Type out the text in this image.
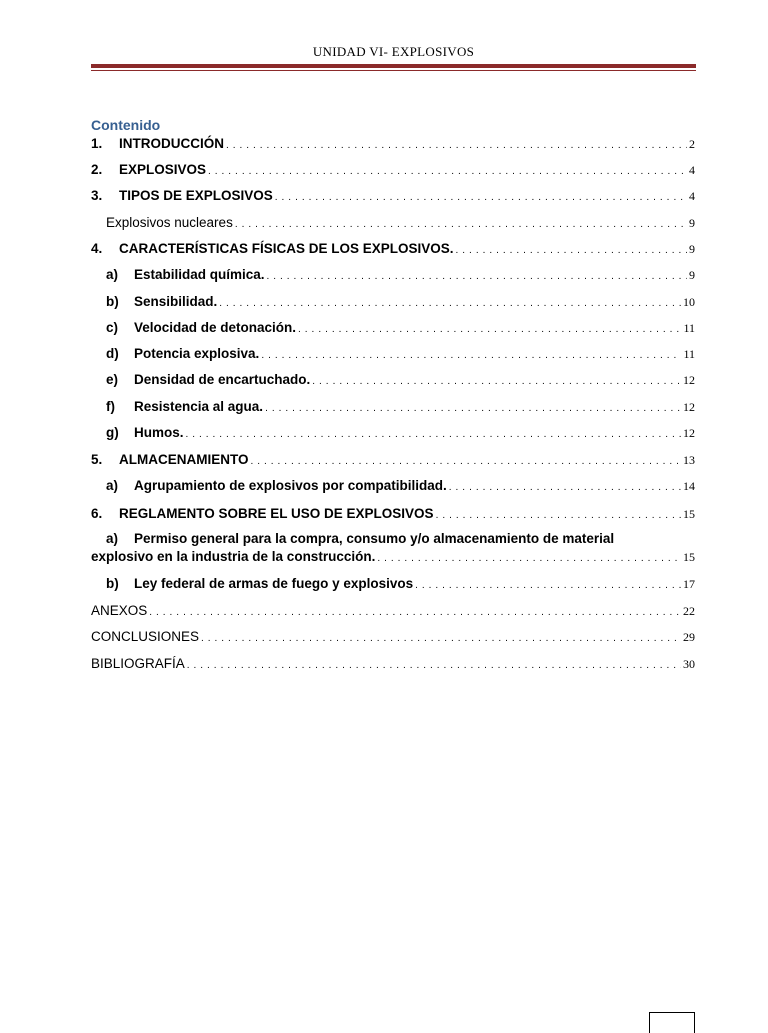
UNIDAD VI- EXPLOSIVOS
Contenido
1. INTRODUCCIÓN . . .	2
2. EXPLOSIVOS . . .	4
3. TIPOS DE EXPLOSIVOS . . .	4
Explosivos nucleares . . .	9
4. CARACTERÍSTICAS FÍSICAS DE LOS EXPLOSIVOS. . . .	9
a) Estabilidad química. . . .	9
b) Sensibilidad. . . .	10
c) Velocidad de detonación. . . .	11
d) Potencia explosiva. . . .	11
e) Densidad de encartuchado. . . .	12
f) Resistencia al agua. . . .	12
g) Humos. . . .	12
5. ALMACENAMIENTO . . .	13
a) Agrupamiento de explosivos por compatibilidad. . . .	14
6. REGLAMENTO SOBRE EL USO DE EXPLOSIVOS . . .	15
a) Permiso general para la compra, consumo y/o almacenamiento de material
explosivo en la industria de la construcción. . . .	15
b) Ley federal de armas de fuego y explosivos . . .	17
ANEXOS . . .	22
CONCLUSIONES . . .	29
BIBLIOGRAFÍA . . .	30
